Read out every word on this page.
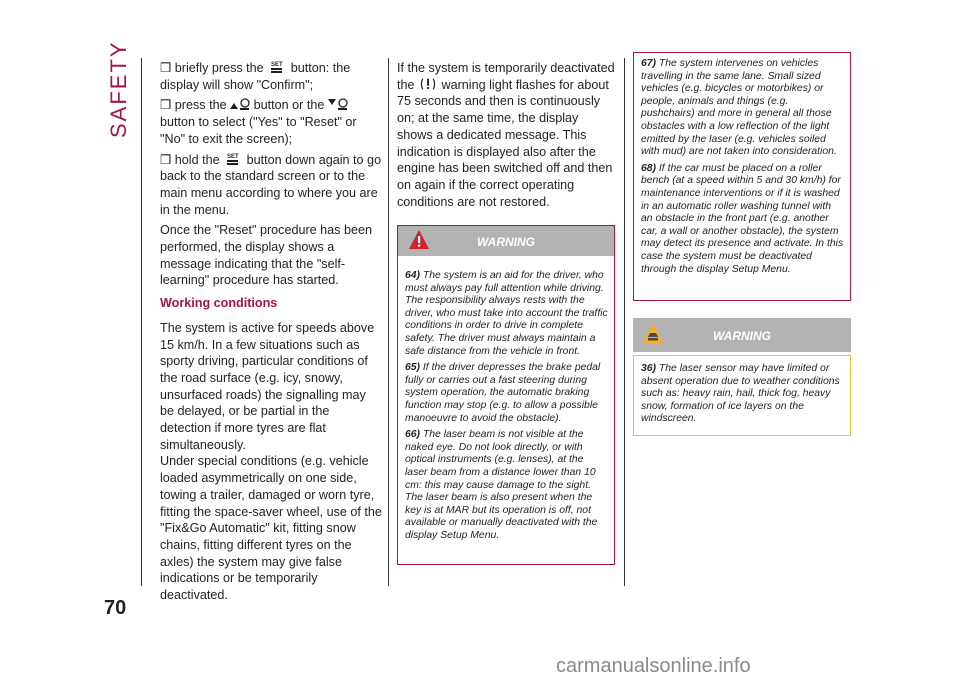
SAFETY ❒ briefly press the SET button: the display will show "Confirm";

❒ press the button or the  button to select ("Yes" to "Reset" or "No" to exit the screen);

❒ hold the SET button down again to go back to the standard screen or to the main menu according to where you are in the menu.

Once the "Reset" procedure has been performed, the display shows a message indicating that the "self-learning" procedure has started.

Working conditions

The system is active for speeds above 15 km/h. In a few situations such as sporty driving, particular conditions of the road surface (e.g. icy, snowy, unsurfaced roads) the signalling may be delayed, or be partial in the detection if more tyres are flat simultaneously.

Under special conditions (e.g. vehicle loaded asymmetrically on one side, towing a trailer, damaged or worn tyre, fitting the space-saver wheel, use of the "Fix&Go Automatic" kit, fitting snow chains, fitting different tyres on the axles) the system may give false indications or be temporarily deactivated.

If the system is temporarily deactivated the warning light flashes for about 75 seconds and then is continuously on; at the same time, the display shows a dedicated message. This indication is displayed also after the engine has been switched off and then on again if the correct operating conditions are not restored.

WARNING

64) The system is an aid for the driver, who must always pay full attention while driving. The responsibility always rests with the driver, who must take into account the traffic conditions in order to drive in complete safety. The driver must always maintain a safe distance from the vehicle in front.

65) If the driver depresses the brake pedal fully or carries out a fast steering during system operation, the automatic braking function may stop (e.g. to allow a possible manoeuvre to avoid the obstacle).

66) The laser beam is not visible at the naked eye. Do not look directly, or with optical instruments (e.g. lenses), at the laser beam from a distance lower than 10 cm: this may cause damage to the sight. The laser beam is also present when the key is at MAR but its operation is off, not available or manually deactivated with the display Setup Menu.

67) The system intervenes on vehicles travelling in the same lane. Small sized vehicles (e.g. bicycles or motorbikes) or people, animals and things (e.g. pushchairs) and more in general all those obstacles with a low reflection of the light emitted by the laser (e.g. vehicles soiled with mud) are not taken into consideration.

68) If the car must be placed on a roller bench (at a speed within 5 and 30 km/h) for maintenance interventions or if it is washed in an automatic roller washing tunnel with an obstacle in the front part (e.g. another car, a wall or another obstacle), the system may detect its presence and activate. In this case the system must be deactivated through the display Setup Menu.

WARNING
36) The laser sensor may have limited or absent operation due to weather conditions such as: heavy rain, hail, thick fog, heavy snow, formation of ice layers on the windscreen.
70
carmanualsonline.info
